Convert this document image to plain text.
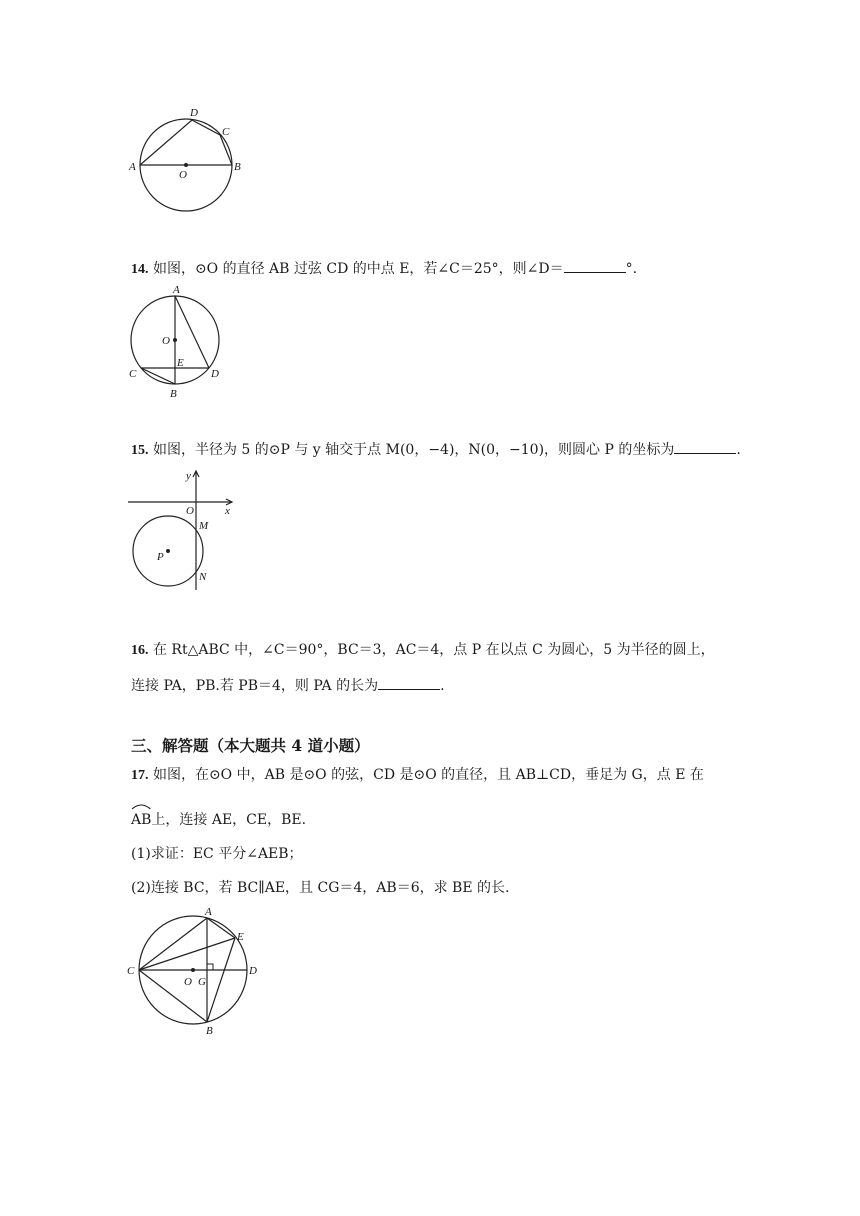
A	B
D
C
O
14. 如图，⊙O 的直径 AB 过弦 CD 的中点 E，若∠C＝25°，则∠D＝	°.
A
O
E
C	D
B
15. 如图，半径为 5 的⊙P 与 y 轴交于点 M(0，−4)，N(0，−10)，则圆心 P 的坐标为	.
y
x
O
M
P
N
16. 在 Rt△ABC 中，∠C＝90°，BC＝3，AC＝4，点 P 在以点 C 为圆心，5 为半径的圆上，
连接 PA，PB.若 PB＝4，则 PA 的长为	.
三、解答题（本大题共 4 道小题）
17. 如图，在⊙O 中，AB 是⊙O 的弦，CD 是⊙O 的直径，且 AB⊥CD，垂足为 G，点 E 在
AB上，连接 AE，CE，BE.
(1)求证：EC 平分∠AEB；
(2)连接 BC，若 BC∥AE，且 CG＝4，AB＝6，求 BE 的长.
A
E
C	D
O G
B
